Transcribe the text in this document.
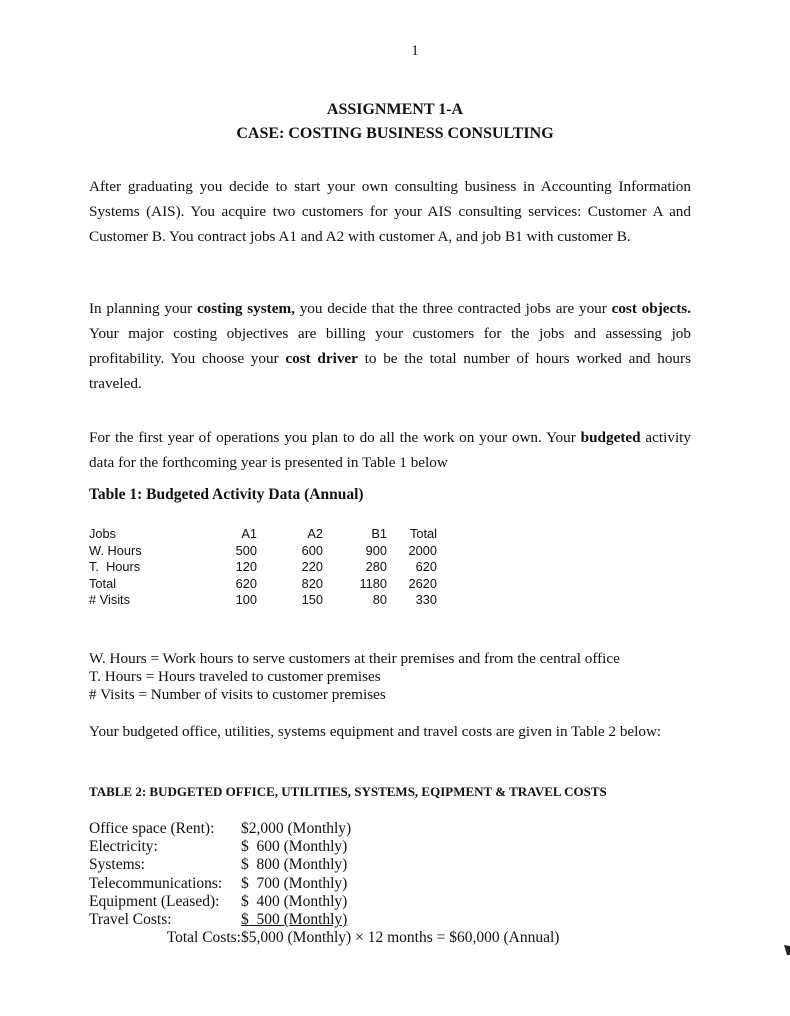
1
ASSIGNMENT 1-A
CASE: COSTING BUSINESS CONSULTING
After graduating you decide to start your own consulting business in Accounting Information Systems (AIS). You acquire two customers for your AIS consulting services: Customer A and Customer B. You contract jobs A1 and A2 with customer A, and job B1 with customer B.
In planning your costing system, you decide that the three contracted jobs are your cost objects. Your major costing objectives are billing your customers for the jobs and assessing job profitability. You choose your cost driver to be the total number of hours worked and hours traveled.
For the first year of operations you plan to do all the work on your own. Your budgeted activity data for the forthcoming year is presented in Table 1 below
Table 1: Budgeted Activity Data (Annual)
Jobs	A1	A2	B1 Total
W. Hours	500	600	900 2000
T.  Hours	120	220	280 620
Total	620	820	1180 2620
# Visits	100	150	80 330
W. Hours = Work hours to serve customers at their premises and from the central office
T. Hours = Hours traveled to customer premises
# Visits = Number of visits to customer premises
Your budgeted office, utilities, systems equipment and travel costs are given in Table 2 below:
TABLE 2: BUDGETED OFFICE, UTILITIES, SYSTEMS, EQIPMENT & TRAVEL COSTS
Office space (Rent): $2,000 (Monthly)
Electricity:	$  600 (Monthly)
Systems:	$  800 (Monthly)
Telecommunications: $  700 (Monthly)
Equipment (Leased): $  400 (Monthly)
Travel Costs:	$  500 (Monthly)
Total Costs:$5,000 (Monthly) × 12 months = $60,000 (Annual)
